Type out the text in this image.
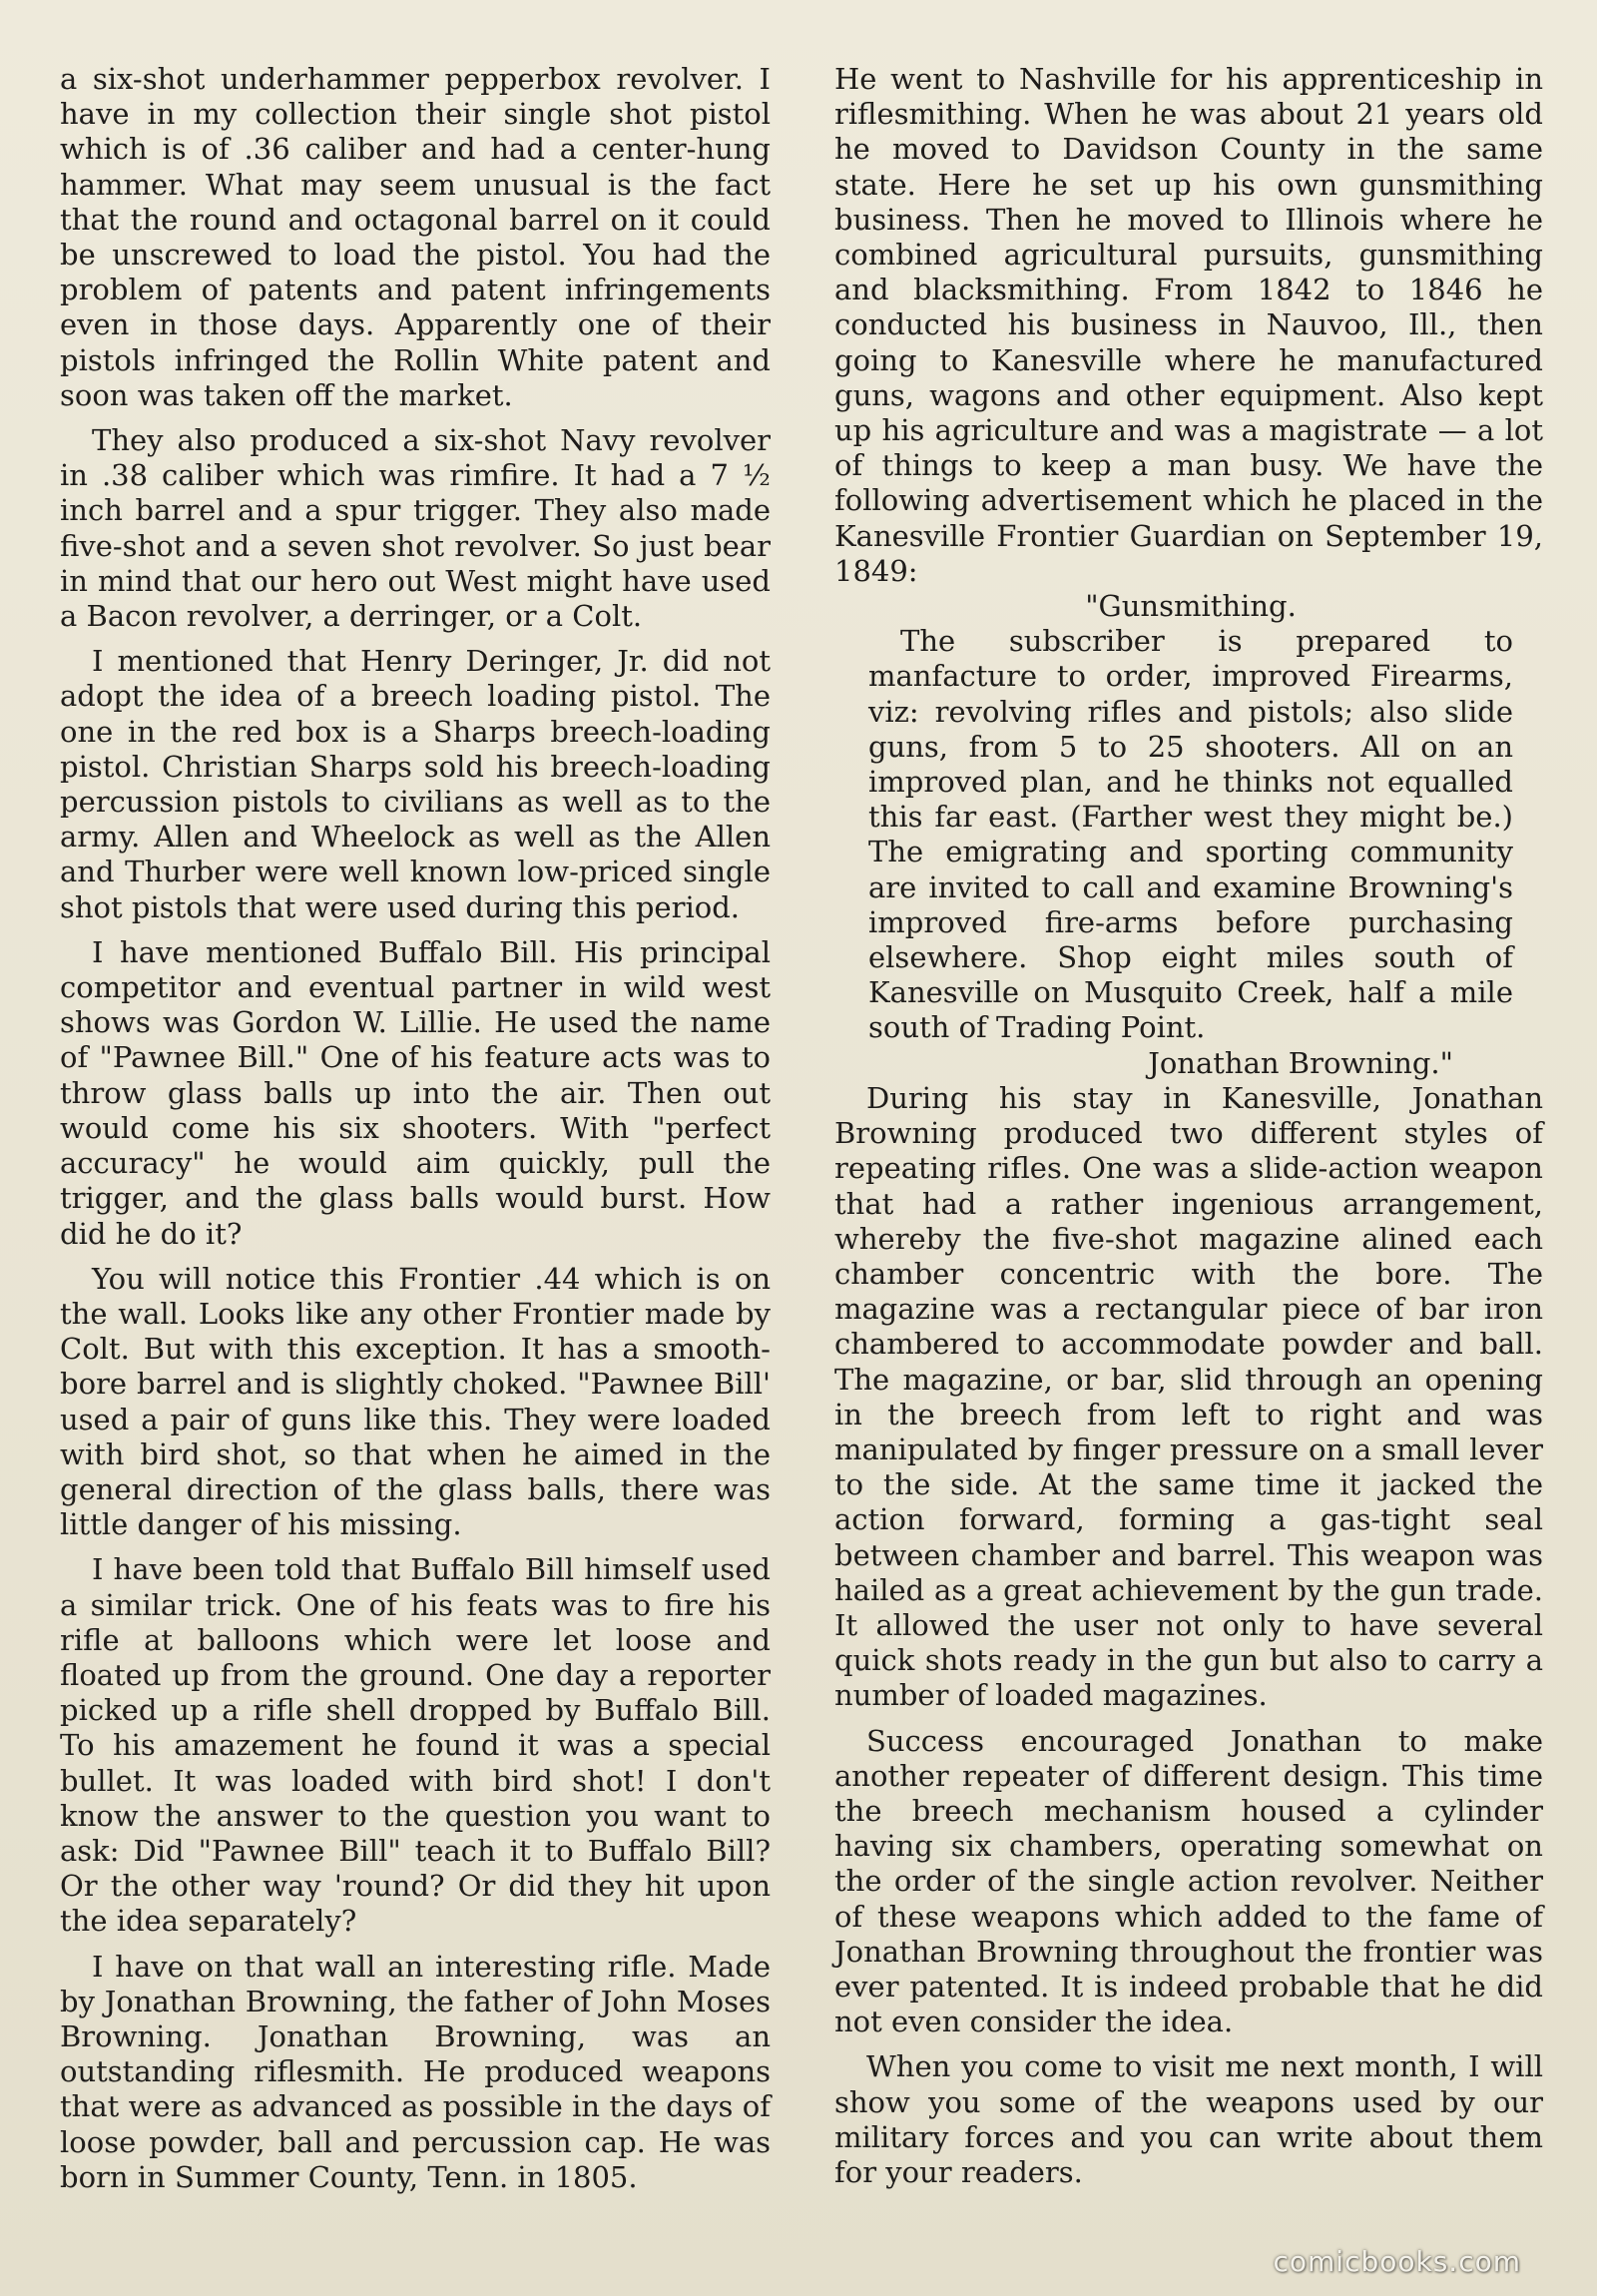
a six-shot underhammer pepperbox revolver. I have in my collection their single shot pistol which is of .36 caliber and had a center-hung hammer. What may seem unusual is the fact that the round and octagonal barrel on it could be unscrewed to load the pistol. You had the problem of patents and patent infringements even in those days. Apparently one of their pistols infringed the Rollin White patent and soon was taken off the market.

They also produced a six-shot Navy revolver in .38 caliber which was rimfire. It had a 7 ½ inch barrel and a spur trigger. They also made five-shot and a seven shot revolver. So just bear in mind that our hero out West might have used a Bacon revolver, a derringer, or a Colt.

I mentioned that Henry Deringer, Jr. did not adopt the idea of a breech loading pistol. The one in the red box is a Sharps breech-loading pistol. Christian Sharps sold his breech-loading percussion pistols to civilians as well as to the army. Allen and Wheelock as well as the Allen and Thurber were well known low-priced single shot pistols that were used during this period.

I have mentioned Buffalo Bill. His principal competitor and eventual partner in wild west shows was Gordon W. Lillie. He used the name of "Pawnee Bill." One of his feature acts was to throw glass balls up into the air. Then out would come his six shooters. With "perfect accuracy" he would aim quickly, pull the trigger, and the glass balls would burst. How did he do it?

You will notice this Frontier .44 which is on the wall. Looks like any other Frontier made by Colt. But with this exception. It has a smooth-bore barrel and is slightly choked. "Pawnee Bill' used a pair of guns like this. They were loaded with bird shot, so that when he aimed in the general direction of the glass balls, there was little danger of his missing.

I have been told that Buffalo Bill himself used a similar trick. One of his feats was to fire his rifle at balloons which were let loose and floated up from the ground. One day a reporter picked up a rifle shell dropped by Buffalo Bill. To his amazement he found it was a special bullet. It was loaded with bird shot! I don't know the answer to the question you want to ask: Did "Pawnee Bill" teach it to Buffalo Bill? Or the other way 'round? Or did they hit upon the idea separately?

I have on that wall an interesting rifle. Made by Jonathan Browning, the father of John Moses Browning. Jonathan Browning, was an outstanding riflesmith. He produced weapons that were as advanced as possible in the days of loose powder, ball and percussion cap. He was born in Summer County, Tenn. in 1805.

He went to Nashville for his apprenticeship in riflesmithing. When he was about 21 years old he moved to Davidson County in the same state. Here he set up his own gunsmithing business. Then he moved to Illinois where he combined agricultural pursuits, gunsmithing and blacksmithing. From 1842 to 1846 he conducted his business in Nauvoo, Ill., then going to Kanesville where he manufactured guns, wagons and other equipment. Also kept up his agriculture and was a magistrate — a lot of things to keep a man busy. We have the following advertisement which he placed in the Kanesville Frontier Guardian on September 19, 1849:

"Gunsmithing.

The subscriber is prepared to manfacture to order, improved Firearms, viz: revolving rifles and pistols; also slide guns, from 5 to 25 shooters. All on an improved plan, and he thinks not equalled this far east. (Farther west they might be.) The emigrating and sporting community are invited to call and examine Browning's improved fire-arms before purchasing elsewhere. Shop eight miles south of Kanesville on Musquito Creek, half a mile south of Trading Point.

Jonathan Browning."

During his stay in Kanesville, Jonathan Browning produced two different styles of repeating rifles. One was a slide-action weapon that had a rather ingenious arrangement, whereby the five-shot magazine alined each chamber concentric with the bore. The magazine was a rectangular piece of bar iron chambered to accommodate powder and ball. The magazine, or bar, slid through an opening in the breech from left to right and was manipulated by finger pressure on a small lever to the side. At the same time it jacked the action forward, forming a gas-tight seal between chamber and barrel. This weapon was hailed as a great achievement by the gun trade. It allowed the user not only to have several quick shots ready in the gun but also to carry a number of loaded magazines.

Success encouraged Jonathan to make another repeater of different design. This time the breech mechanism housed a cylinder having six chambers, operating somewhat on the order of the single action revolver. Neither of these weapons which added to the fame of Jonathan Browning throughout the frontier was ever patented. It is indeed probable that he did not even consider the idea.

When you come to visit me next month, I will show you some of the weapons used by our military forces and you can write about them for your readers.

comicbooks.com
